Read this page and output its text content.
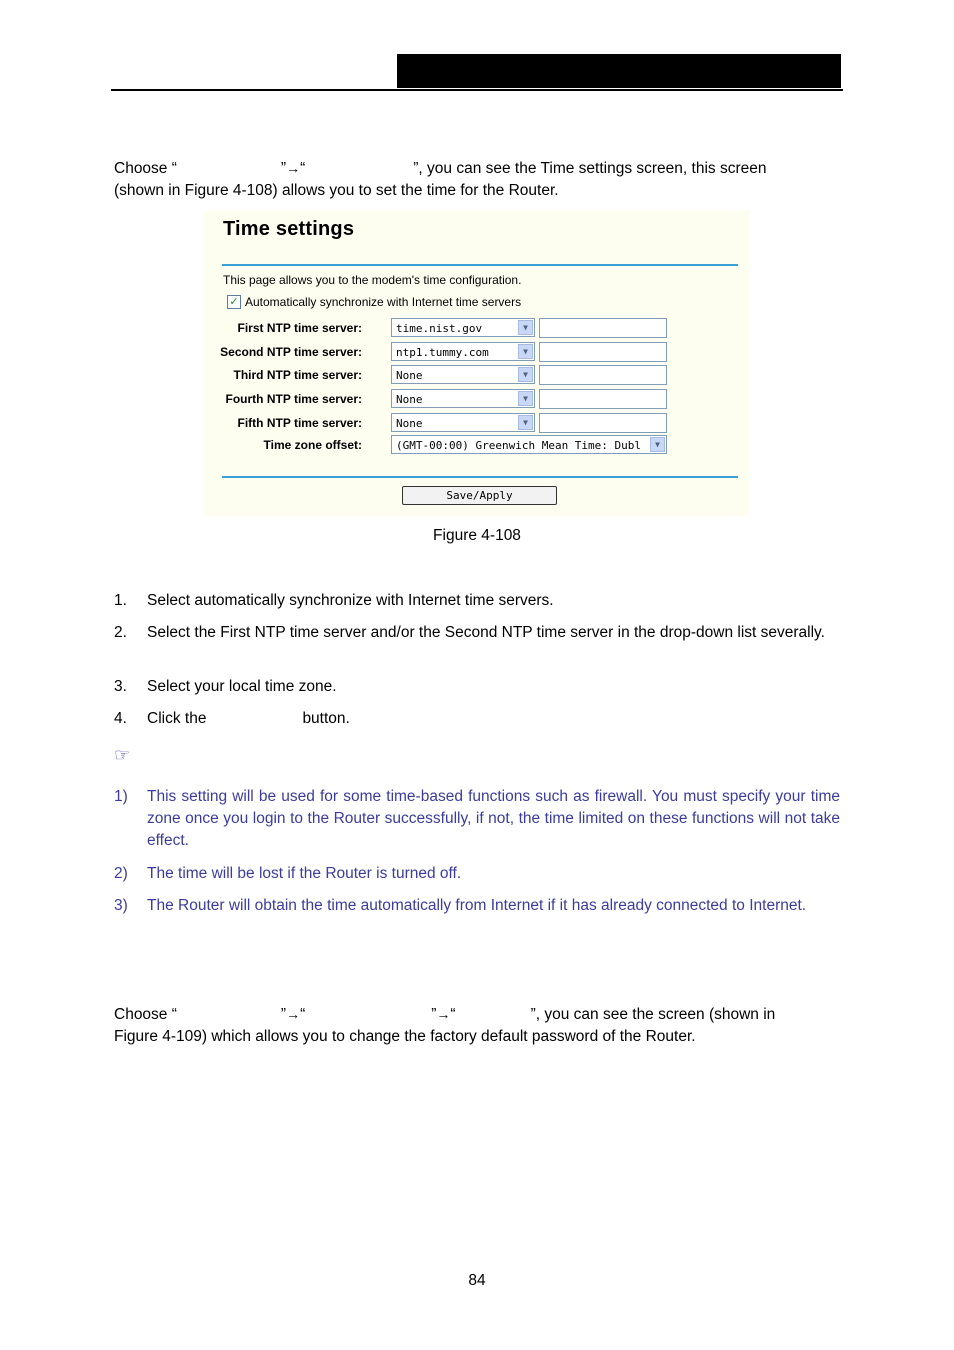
Choose “	”→“	”, you can see the Time settings screen, this screen
(shown in Figure 4-108) allows you to set the time for the Router.
Time settings
This page allows you to the modem's time configuration.
✓ Automatically synchronize with Internet time servers
First NTP time server:	time.nist.gov	▼
Second NTP time server:	ntp1.tummy.com	▼
Third NTP time server:	None	▼
Fourth NTP time server:	None	▼
Fifth NTP time server:	None	▼
Time zone offset:	(GMT-00:00) Greenwich Mean Time: Dubl	▼
Save/Apply
Figure 4-108
1. Select automatically synchronize with Internet time servers.
2. Select the First NTP time server and/or the Second NTP time server in the drop-down list severally.
3. Select your local time zone.
4. Click the	button.
☞
1) This setting will be used for some time-based functions such as firewall. You must specify your time zone once you login to the Router successfully, if not, the time limited on these functions will not take effect.
2) The time will be lost if the Router is turned off.
3) The Router will obtain the time automatically from Internet if it has already connected to Internet.
Choose “	”→“	”→“	”, you can see the screen (shown in
Figure 4-109) which allows you to change the factory default password of the Router.
84
